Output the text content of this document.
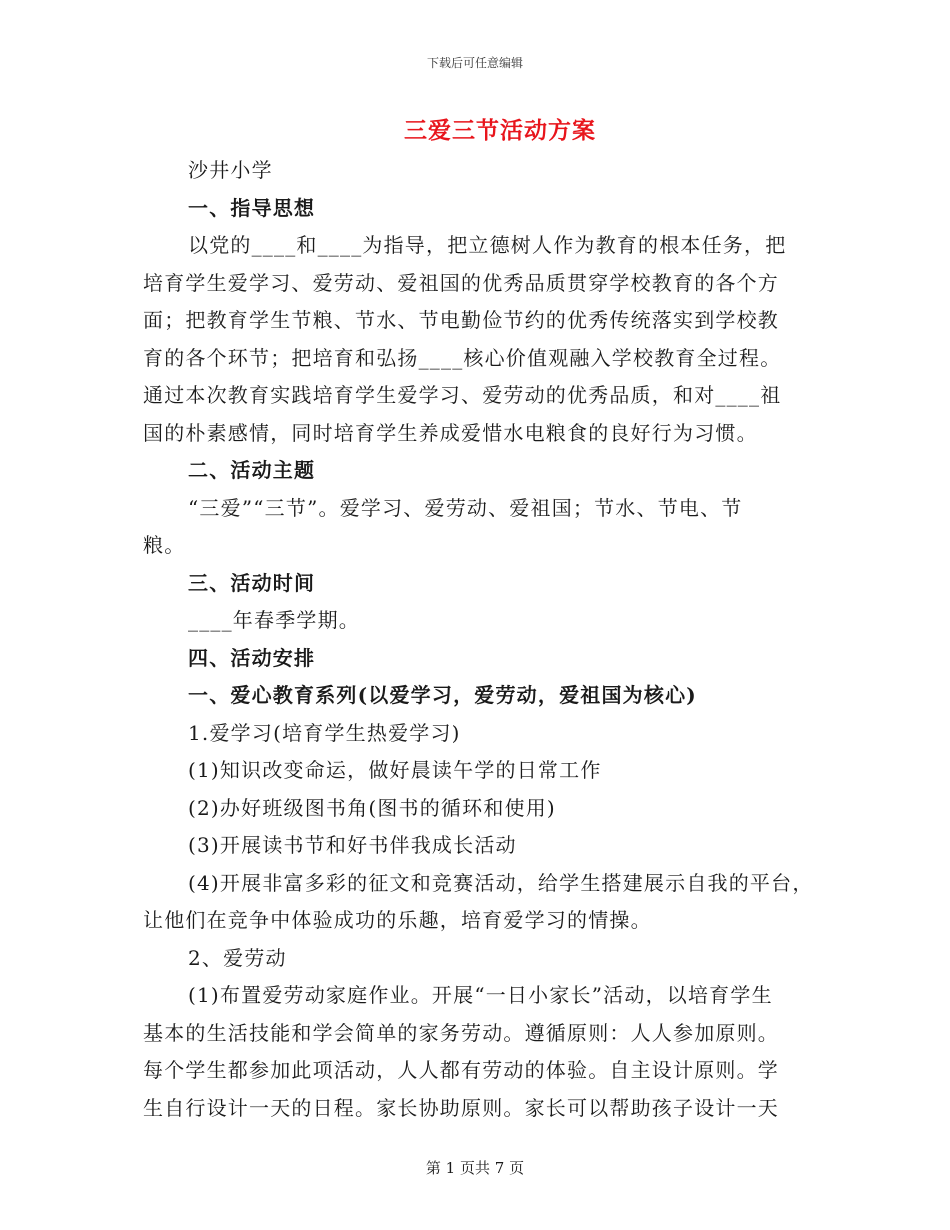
下载后可任意编辑
三爱三节活动方案
沙井小学
一、指导思想
以党的____和____为指导，把立德树人作为教育的根本任务，把
培育学生爱学习、爱劳动、爱祖国的优秀品质贯穿学校教育的各个方
面；把教育学生节粮、节水、节电勤俭节约的优秀传统落实到学校教
育的各个环节；把培育和弘扬____核心价值观融入学校教育全过程。
通过本次教育实践培育学生爱学习、爱劳动的优秀品质，和对____祖
国的朴素感情，同时培育学生养成爱惜水电粮食的良好行为习惯。
二、活动主题
“三爱”“三节”。爱学习、爱劳动、爱祖国；节水、节电、节
粮。
三、活动时间
____年春季学期。
四、活动安排
一、爱心教育系列(以爱学习，爱劳动，爱祖国为核心)
1.爱学习(培育学生热爱学习)
(1)知识改变命运，做好晨读午学的日常工作
(2)办好班级图书角(图书的循环和使用)
(3)开展读书节和好书伴我成长活动
(4)开展非富多彩的征文和竞赛活动，给学生搭建展示自我的平台，
让他们在竞争中体验成功的乐趣，培育爱学习的情操。
2、爱劳动
(1)布置爱劳动家庭作业。开展“一日小家长”活动，以培育学生
基本的生活技能和学会简单的家务劳动。遵循原则：人人参加原则。
每个学生都参加此项活动，人人都有劳动的体验。自主设计原则。学
生自行设计一天的日程。家长协助原则。家长可以帮助孩子设计一天
第 1 页共 7 页
